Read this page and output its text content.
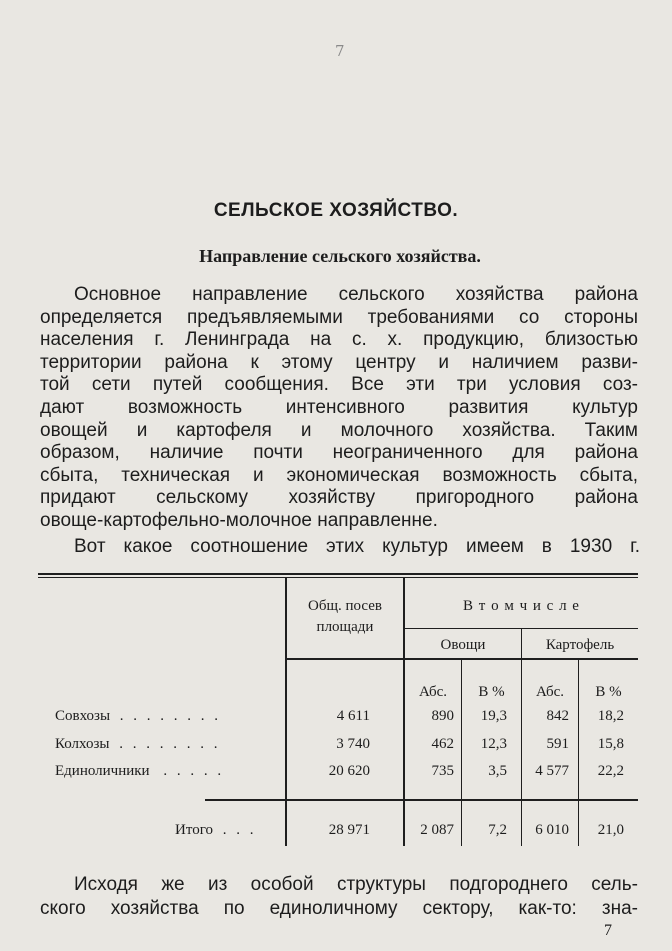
7
СЕЛЬСКОЕ ХОЗЯЙСТВО.
Направление сельского хозяйства.
Основное направление сельского хозяйства района
определяется предъявляемыми требованиями со стороны
населения г. Ленинграда на с. х. продукцию, близостью
территории района к этому центру и наличием разви-
той сети путей сообщения. Все эти три условия соз-
дают возможность интенсивного развития культур
овощей и картофеля и молочного хозяйства. Таким
образом, наличие почти неограниченного для района
сбыта, техническая и экономическая возможность сбыта,
придают сельскому хозяйству пригородного района
овоще-картофельно-молочное направленне.
Вот какое соотношение этих культур имеем в 1930 г.
Общ. посев
площади
В т о м ч и с л е
Овощи	Картофель
Абс.	В %	Абс.	В %
Совхозы . . . . . . . .	4 611	890	19,3	842	18,2
Колхозы . . . . . . . .	3 740	462	12,3	591	15,8
Единоличники . . . . .	20 620	735	3,5	4 577	22,2
Итого . . .	28 971	2 087	7,2	6 010	21,0
Исходя же из особой структуры подгороднего сель-
ского хозяйства по единоличному сектору, как-то: зна-
7
